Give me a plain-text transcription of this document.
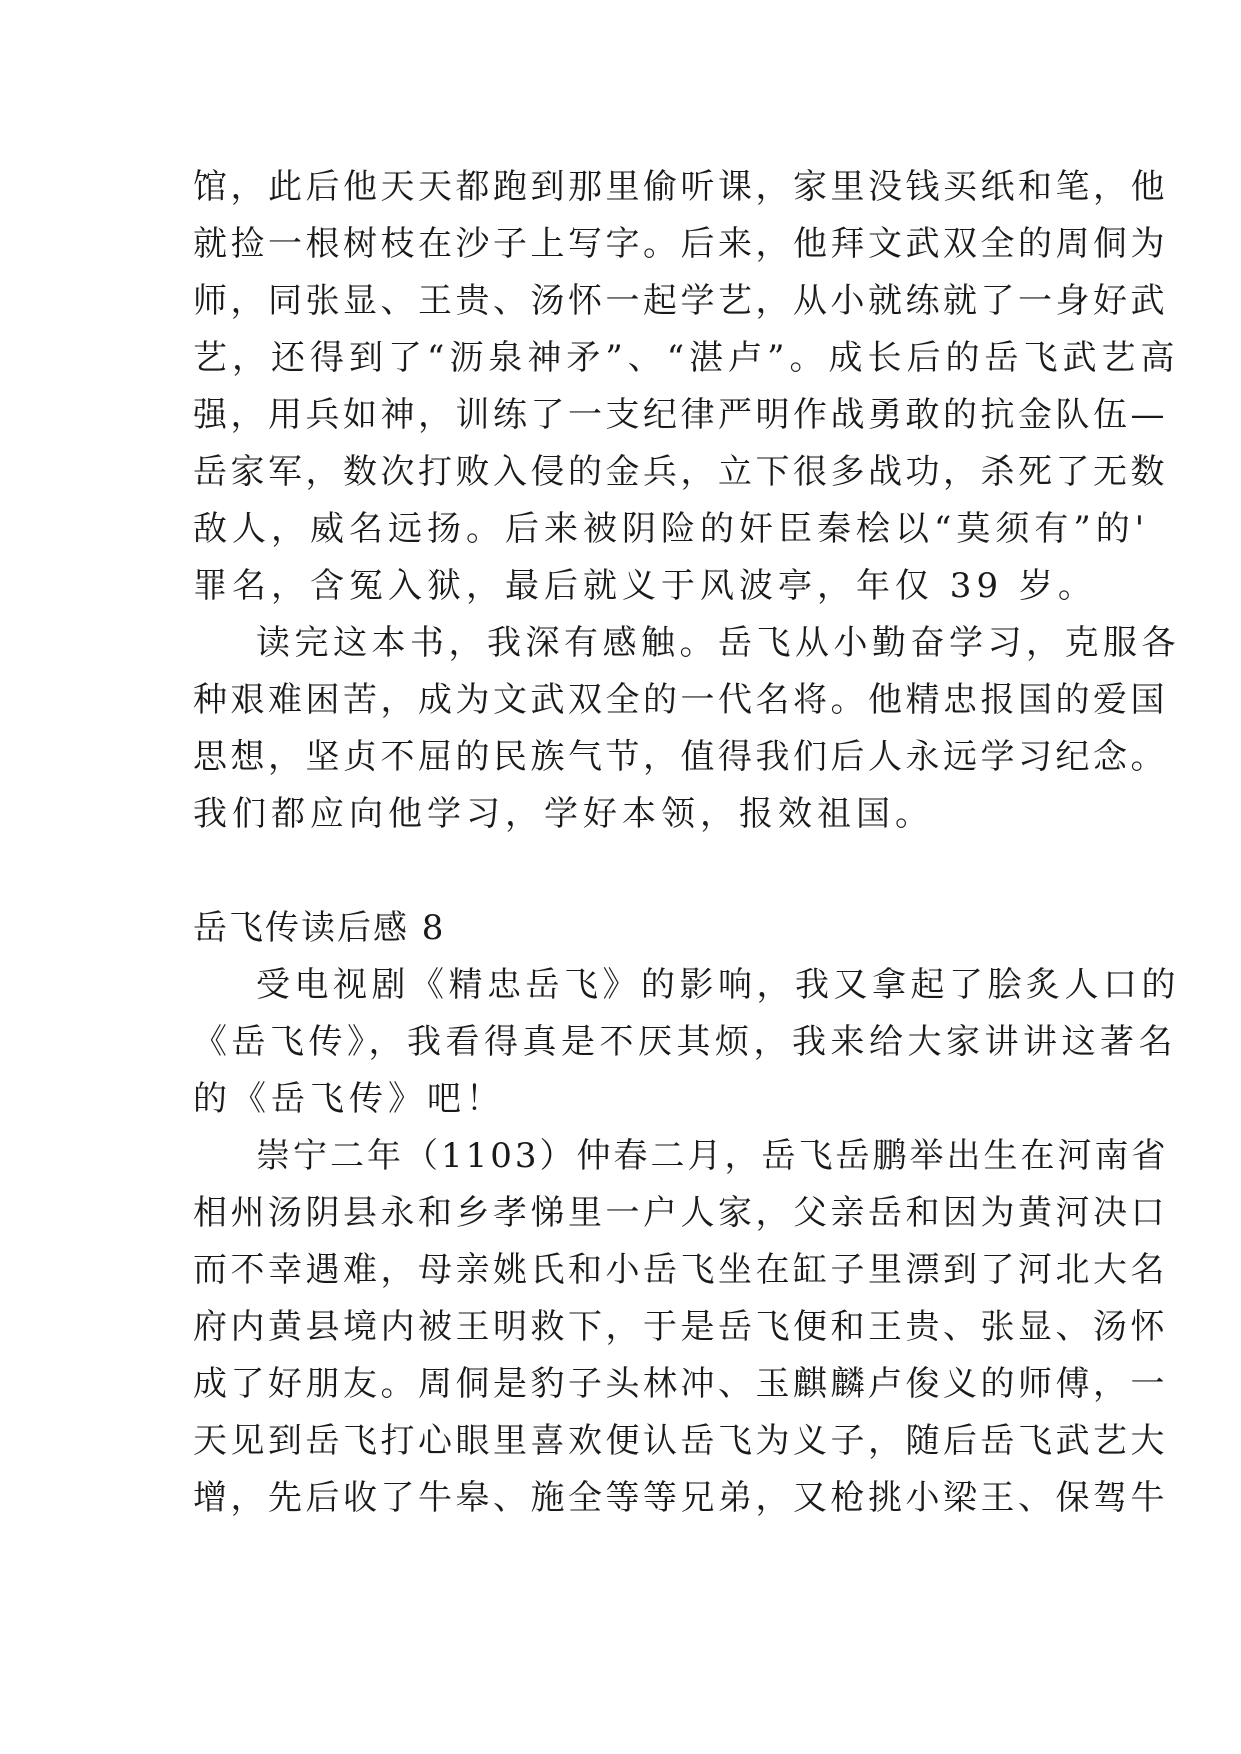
馆，此后他天天都跑到那里偷听课，家里没钱买纸和笔，他
就捡一根树枝在沙子上写字。后来，他拜文武双全的周侗为
师，同张显、王贵、汤怀一起学艺，从小就练就了一身好武
艺，还得到了“沥泉神矛”、“湛卢”。成长后的岳飞武艺高
强，用兵如神，训练了一支纪律严明作战勇敢的抗金队伍—
岳家军，数次打败入侵的金兵，立下很多战功，杀死了无数
敌人，威名远扬。后来被阴险的奸臣秦桧以“莫须有”的'
罪名，含冤入狱，最后就义于风波亭，年仅 39 岁。
读完这本书，我深有感触。岳飞从小勤奋学习，克服各
种艰难困苦，成为文武双全的一代名将。他精忠报国的爱国
思想，坚贞不屈的民族气节，值得我们后人永远学习纪念。
我们都应向他学习，学好本领，报效祖国。
岳飞传读后感 8
受电视剧《精忠岳飞》的影响，我又拿起了脍炙人口的
《岳飞传》，我看得真是不厌其烦，我来给大家讲讲这著名
的《岳飞传》吧！
崇宁二年（1103）仲春二月，岳飞岳鹏举出生在河南省
相州汤阴县永和乡孝悌里一户人家，父亲岳和因为黄河决口
而不幸遇难，母亲姚氏和小岳飞坐在缸子里漂到了河北大名
府内黄县境内被王明救下，于是岳飞便和王贵、张显、汤怀
成了好朋友。周侗是豹子头林冲、玉麒麟卢俊义的师傅，一
天见到岳飞打心眼里喜欢便认岳飞为义子，随后岳飞武艺大
增，先后收了牛皋、施全等等兄弟，又枪挑小梁王、保驾牛
